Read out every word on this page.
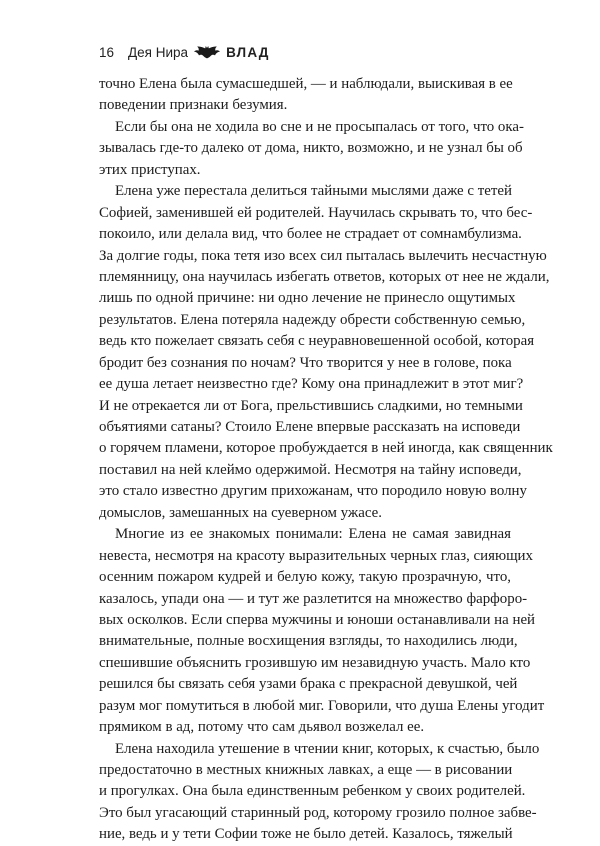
16 Дея Нира	ВЛАД
точно Елена была сумасшедшей, — и наблюдали, выискивая в ее
поведении признаки безумия.
Если бы она не ходила во сне и не просыпалась от того, что ока-
зывалась где-то далеко от дома, никто, возможно, и не узнал бы об
этих приступах.
Елена уже перестала делиться тайными мыслями даже с тетей
Софией, заменившей ей родителей. Научилась скрывать то, что бес-
покоило, или делала вид, что более не страдает от сомнамбулизма.
За долгие годы, пока тетя изо всех сил пыталась вылечить несчастную
племянницу, она научилась избегать ответов, которых от нее не ждали,
лишь по одной причине: ни одно лечение не принесло ощутимых
результатов. Елена потеряла надежду обрести собственную семью,
ведь кто пожелает связать себя с неуравновешенной особой, которая
бродит без сознания по ночам? Что творится у нее в голове, пока
ее душа летает неизвестно где? Кому она принадлежит в этот миг?
И не отрекается ли от Бога, прельстившись сладкими, но темными
объятиями сатаны? Стоило Елене впервые рассказать на исповеди
о горячем пламени, которое пробуждается в ней иногда, как священник
поставил на ней клеймо одержимой. Несмотря на тайну исповеди,
это стало известно другим прихожанам, что породило новую волну
домыслов, замешанных на суеверном ужасе.
Многие из ее знакомых понимали: Елена не самая завидная
невеста, несмотря на красоту выразительных черных глаз, сияющих
осенним пожаром кудрей и белую кожу, такую прозрачную, что,
казалось, упади она — и тут же разлетится на множество фарфоро-
вых осколков. Если сперва мужчины и юноши останавливали на ней
внимательные, полные восхищения взгляды, то находились люди,
спешившие объяснить грозившую им незавидную участь. Мало кто
решился бы связать себя узами брака с прекрасной девушкой, чей
разум мог помутиться в любой миг. Говорили, что душа Елены угодит
прямиком в ад, потому что сам дьявол возжелал ее.
Елена находила утешение в чтении книг, которых, к счастью, было
предостаточно в местных книжных лавках, а еще — в рисовании
и прогулках. Она была единственным ребенком у своих родителей.
Это был угасающий старинный род, которому грозило полное забве-
ние, ведь и у тети Софии тоже не было детей. Казалось, тяжелый
